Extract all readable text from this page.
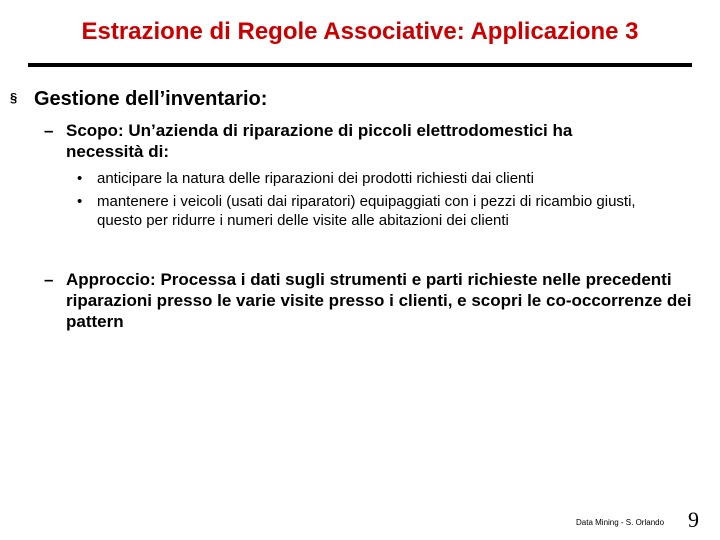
Estrazione di Regole Associative: Applicazione 3
§ Gestione dell’inventario:
– Scopo: Un’azienda di riparazione di piccoli elettrodomestici ha necessità di:
• anticipare la natura delle riparazioni dei prodotti richiesti dai clienti
• mantenere i veicoli (usati dai riparatori) equipaggiati con i pezzi di ricambio giusti, questo per ridurre i numeri delle visite alle abitazioni dei clienti
– Approccio: Processa i dati sugli strumenti e parti richieste nelle precedenti riparazioni presso le varie visite presso i clienti, e scopri le co-occorrenze dei pattern
Data Mining - S. Orlando 9
